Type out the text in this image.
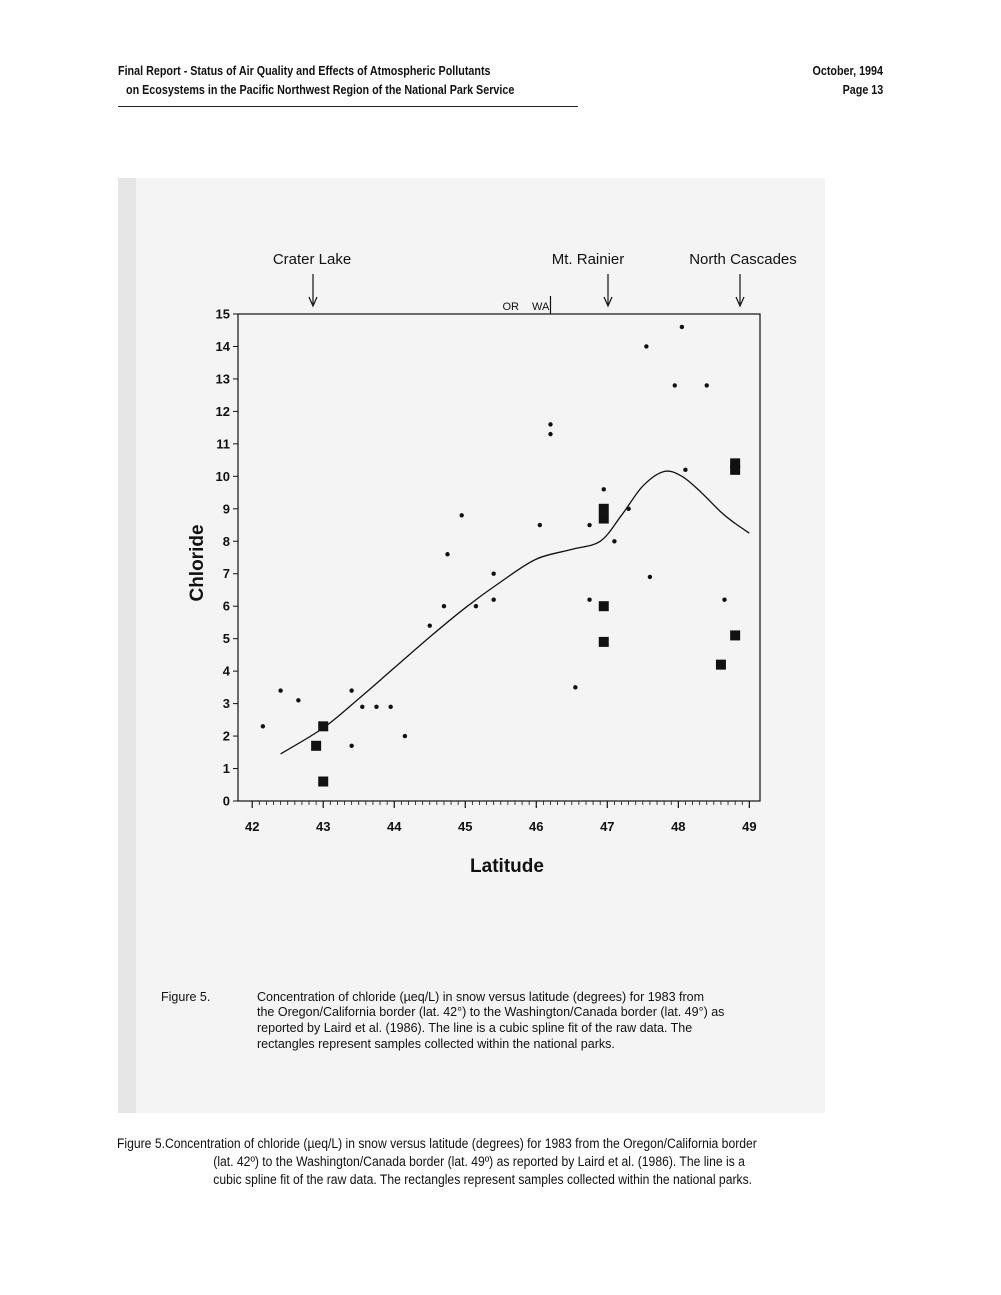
Final Report - Status of Air Quality and Effects of Atmospheric Pollutants
on Ecosystems in the Pacific Northwest Region of the National Park Service
October, 1994
Page 13
Crater Lake	Mt. Rainier	North Cascades
OR WA
0
1
2
3
4
5
6
7
8
9
10
11
12
13
14
15
42	43	44	45	46	47	48	49
Latitude
Chloride
Figure 5.	Concentration of chloride (µeq/L) in snow versus latitude (degrees) for 1983 from
the Oregon/California border (lat. 42°) to the Washington/Canada border (lat. 49°) as
reported by Laird et al. (1986). The line is a cubic spline fit of the raw data. The
rectangles represent samples collected within the national parks.
Figure 5.Concentration of chloride (µeq/L) in snow versus latitude (degrees) for 1983 from the Oregon/California border
(lat. 42º) to the Washington/Canada border (lat. 49º) as reported by Laird et al. (1986). The line is a
cubic spline fit of the raw data. The rectangles represent samples collected within the national parks.
